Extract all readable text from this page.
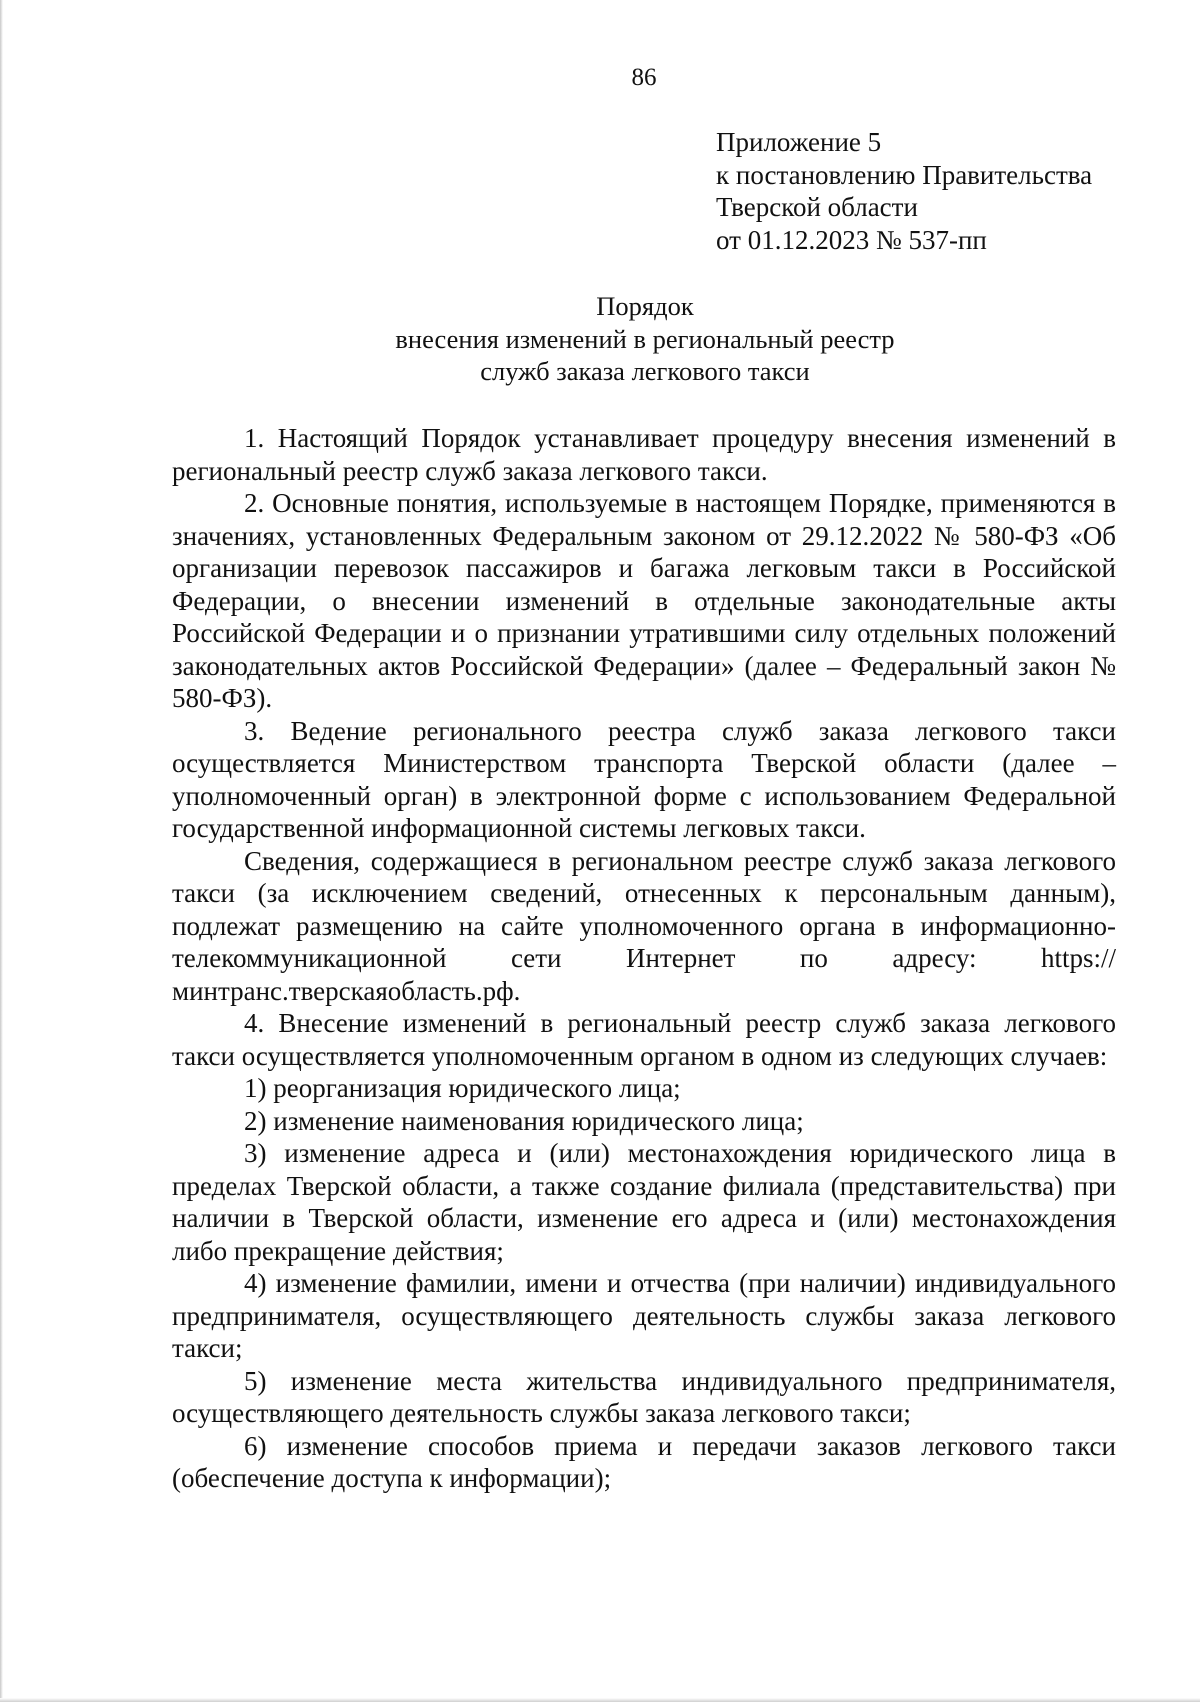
86
Приложение 5
к постановлению Правительства
Тверской области
от 01.12.2023 № 537-пп
Порядок
внесения изменений в региональный реестр
служб заказа легкового такси

1. Настоящий Порядок устанавливает процедуру внесения изменений в региональный реестр служб заказа легкового такси.

2. Основные понятия, используемые в настоящем Порядке, применяются в значениях, установленных Федеральным законом от 29.12.2022 № 580-ФЗ «Об организации перевозок пассажиров и багажа легковым такси в Российской Федерации, о внесении изменений в отдельные законодательные акты Российской Федерации и о признании утратившими силу отдельных положений законодательных актов Российской Федерации» (далее – Федеральный закон № 580-ФЗ).

3. Ведение регионального реестра служб заказа легкового такси осуществляется Министерством транспорта Тверской области (далее – уполномоченный орган) в электронной форме с использованием Федеральной государственной информационной системы легковых такси.

Сведения, содержащиеся в региональном реестре служб заказа легкового такси (за исключением сведений, отнесенных к персональным данным), подлежат размещению на сайте уполномоченного органа в информационно-телекоммуникационной сети Интернет по адресу: https://минтранс.тверскаяобласть.рф.

4. Внесение изменений в региональный реестр служб заказа легкового такси осуществляется уполномоченным органом в одном из следующих случаев:

1) реорганизация юридического лица;

2) изменение наименования юридического лица;

3) изменение адреса и (или) местонахождения юридического лица в пределах Тверской области, а также создание филиала (представительства) при наличии в Тверской области, изменение его адреса и (или) местонахождения либо прекращение действия;

4) изменение фамилии, имени и отчества (при наличии) индивидуального предпринимателя, осуществляющего деятельность службы заказа легкового такси;

5) изменение места жительства индивидуального предпринимателя, осуществляющего деятельность службы заказа легкового такси;

6) изменение способов приема и передачи заказов легкового такси (обеспечение доступа к информации);
